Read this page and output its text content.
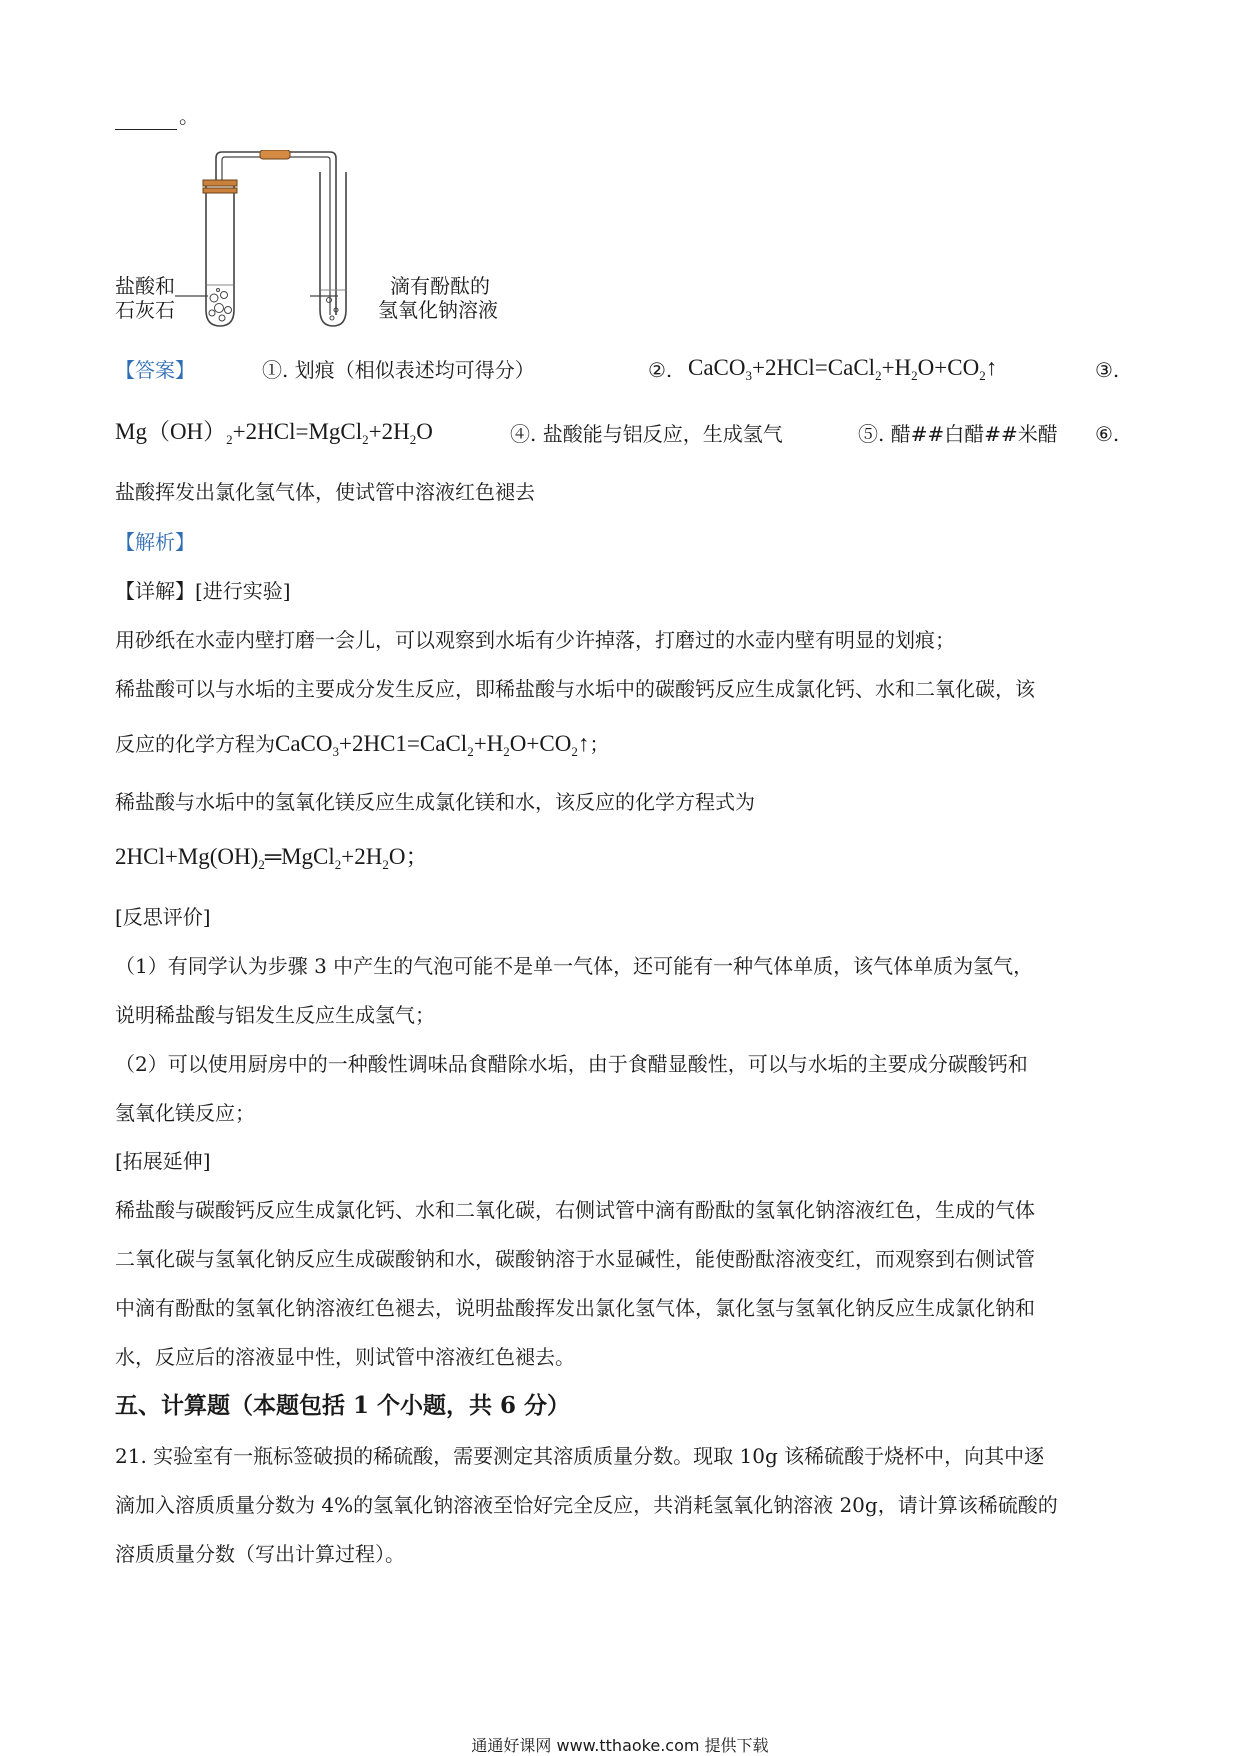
。
盐酸和
石灰石
滴有酚酞的
氢氧化钠溶液
【答案】	①. 划痕（相似表述均可得分）	②. $CaCO_3+2HCl=CaCl_2+H_2O+CO_2↑$	③.
$Mg(OH)_2+2HCl=MgCl_2+2H_2O$	④. 盐酸能与铝反应，生成氢气	⑤. 醋##白醋##米醋 ⑥.
盐酸挥发出氯化氢气体，使试管中溶液红色褪去
【解析】
【详解】[进行实验]
用砂纸在水壶内壁打磨一会儿，可以观察到水垢有少许掉落，打磨过的水壶内壁有明显的划痕；
稀盐酸可以与水垢的主要成分发生反应，即稀盐酸与水垢中的碳酸钙反应生成氯化钙、水和二氧化碳，该
反应的化学方程为$CaCO_3+2HC1=CaCl_2+H_2O+CO_2↑$；
稀盐酸与水垢中的氢氧化镁反应生成氯化镁和水，该反应的化学方程式为
$2HCl+Mg(OH)_2═MgCl_2+2H_2O$；
[反思评价]
（1）有同学认为步骤 3 中产生的气泡可能不是单一气体，还可能有一种气体单质，该气体单质为氢气，
说明稀盐酸与铝发生反应生成氢气；
（2）可以使用厨房中的一种酸性调味品食醋除水垢，由于食醋显酸性，可以与水垢的主要成分碳酸钙和
氢氧化镁反应；
[拓展延伸]
稀盐酸与碳酸钙反应生成氯化钙、水和二氧化碳，右侧试管中滴有酚酞的氢氧化钠溶液红色，生成的气体
二氧化碳与氢氧化钠反应生成碳酸钠和水，碳酸钠溶于水显碱性，能使酚酞溶液变红，而观察到右侧试管
中滴有酚酞的氢氧化钠溶液红色褪去，说明盐酸挥发出氯化氢气体，氯化氢与氢氧化钠反应生成氯化钠和
水，反应后的溶液显中性，则试管中溶液红色褪去。
五、计算题（本题包括 1 个小题，共 6 分）
21. 实验室有一瓶标签破损的稀硫酸，需要测定其溶质质量分数。现取 10g 该稀硫酸于烧杯中，向其中逐
滴加入溶质质量分数为 4%的氢氧化钠溶液至恰好完全反应，共消耗氢氧化钠溶液 20g，请计算该稀硫酸的
溶质质量分数（写出计算过程）。
通通好课网 www.tthaoke.com 提供下载
